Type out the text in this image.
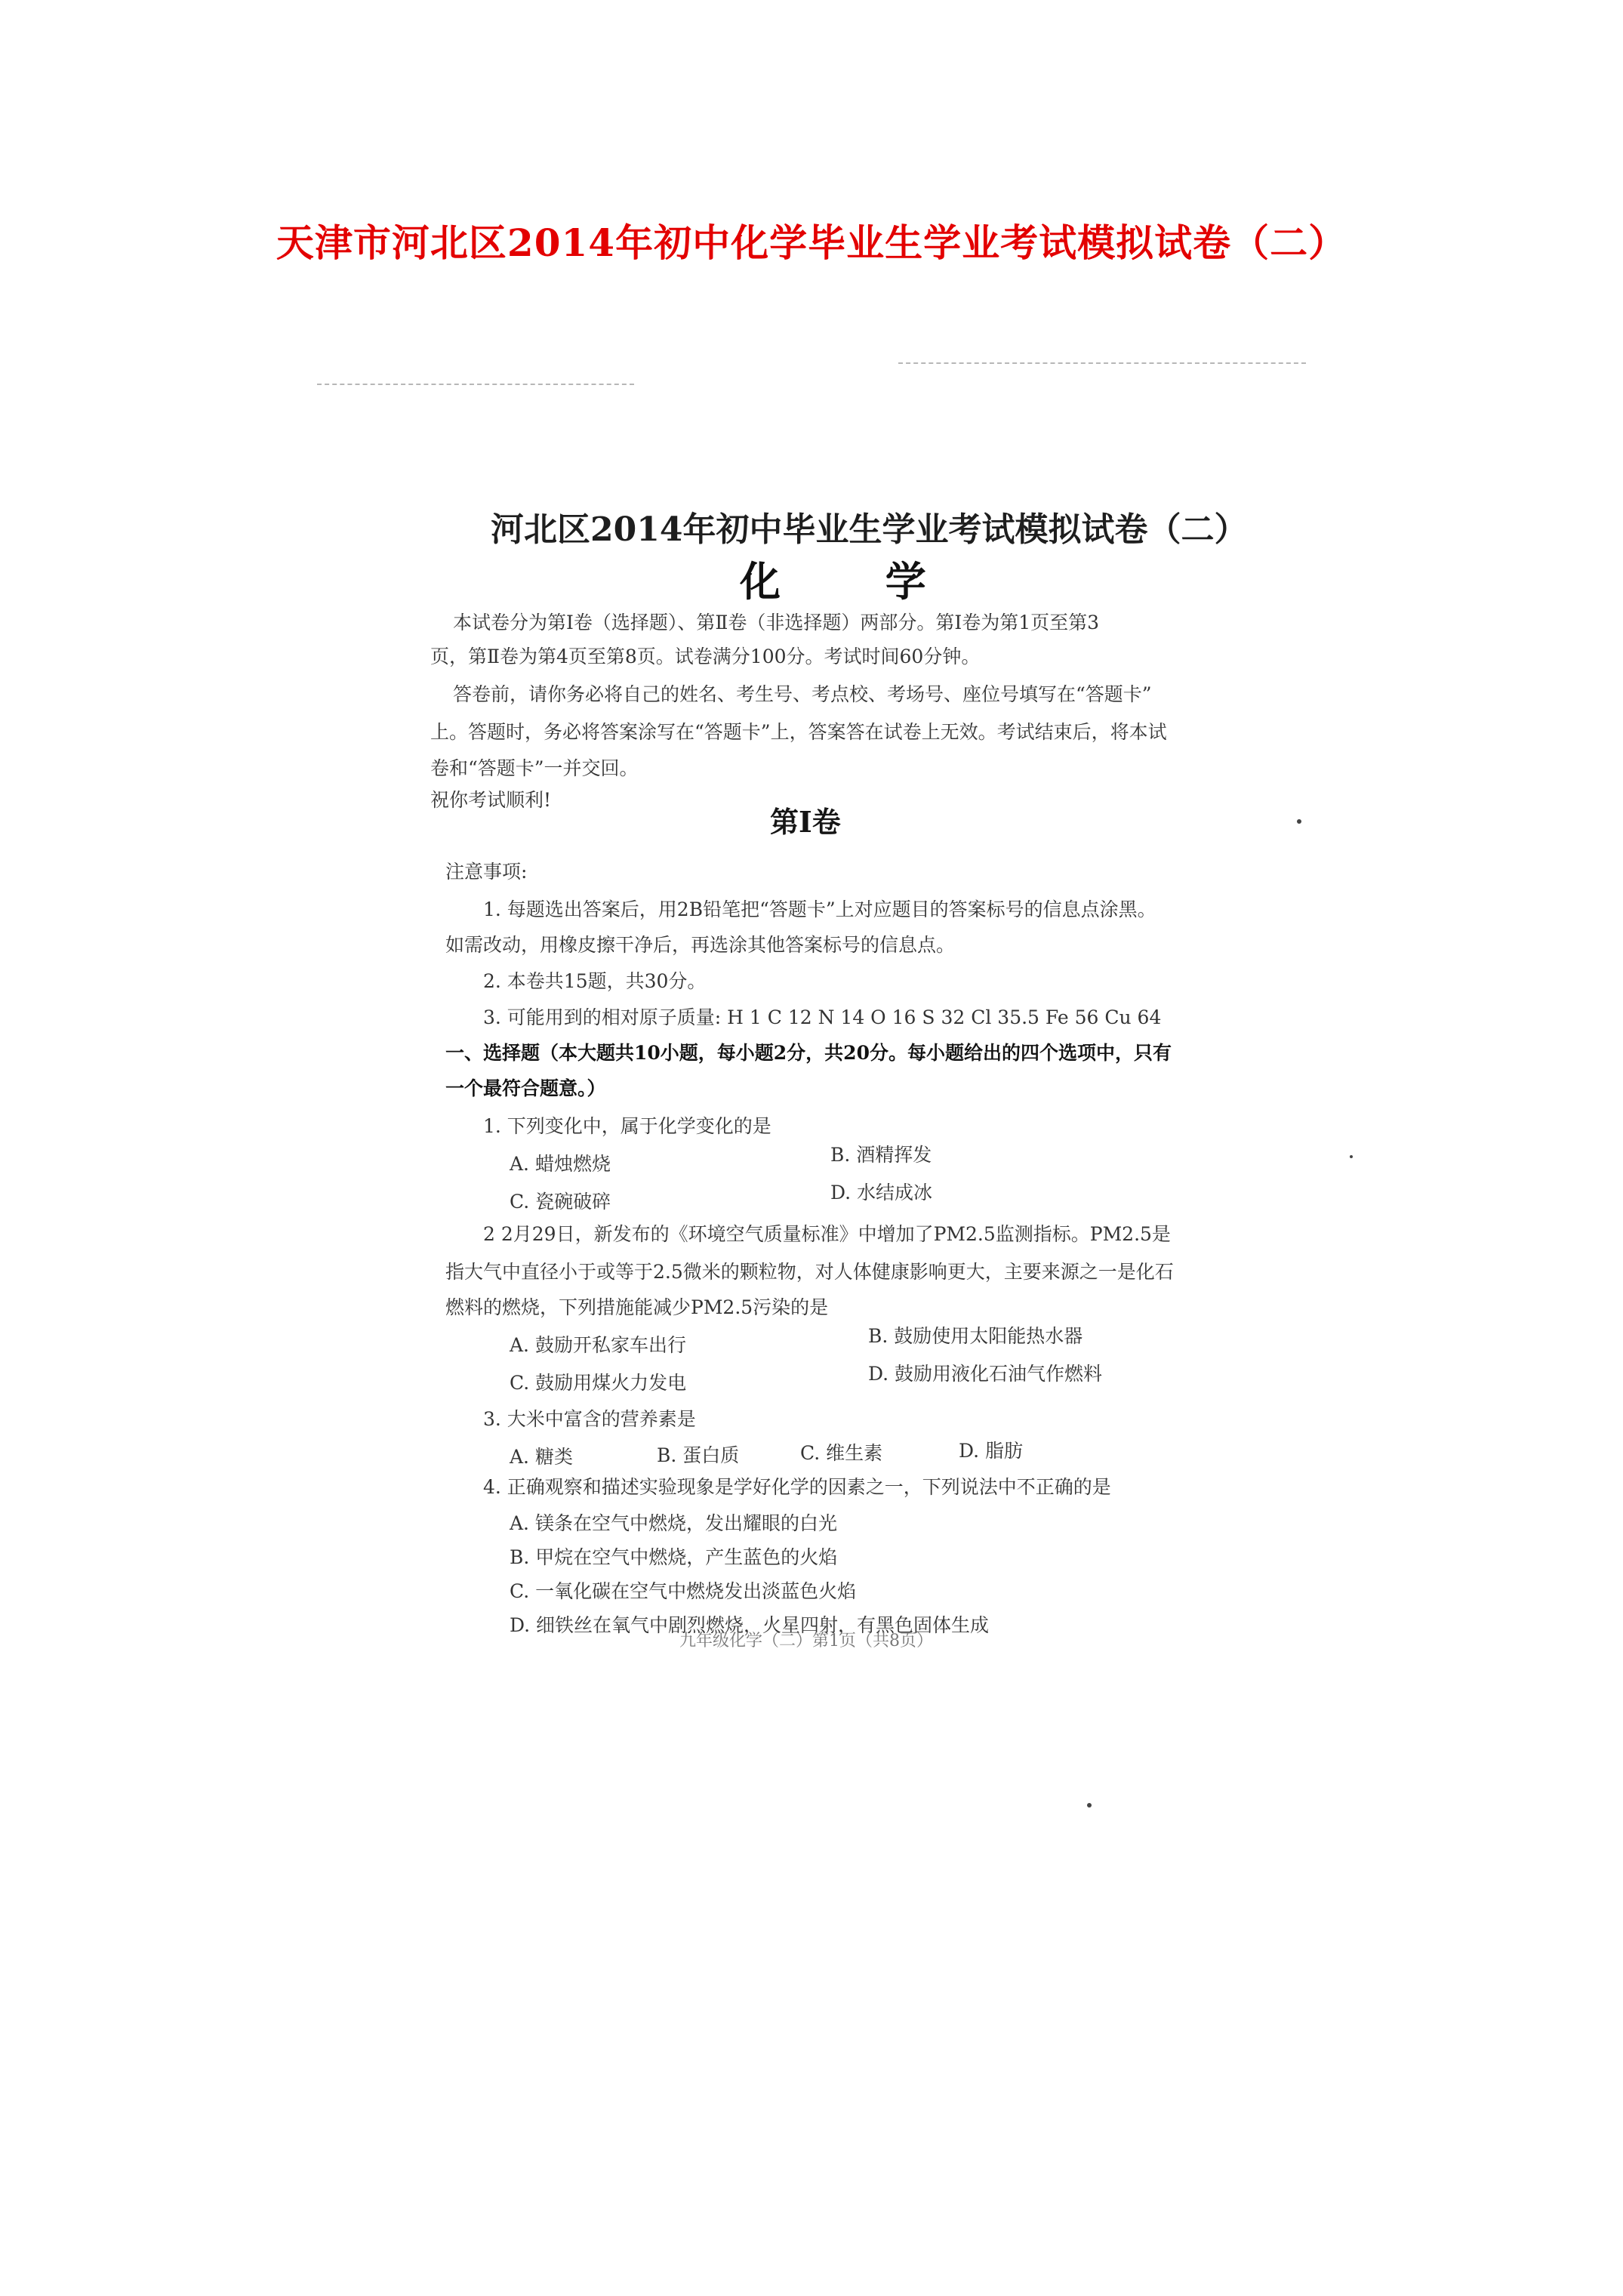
天津市河北区2014年初中化学毕业生学业考试模拟试卷（二）
河北区2014年初中毕业生学业考试模拟试卷（二）
化 学
本试卷分为第Ⅰ卷（选择题）、第Ⅱ卷（非选择题）两部分。第Ⅰ卷为第1页至第3
页，第Ⅱ卷为第4页至第8页。试卷满分100分。考试时间60分钟。
答卷前，请你务必将自己的姓名、考生号、考点校、考场号、座位号填写在“答题卡”
上。答题时，务必将答案涂写在“答题卡”上，答案答在试卷上无效。考试结束后，将本试
卷和“答题卡”一并交回。
祝你考试顺利!
第Ⅰ卷
注意事项:
1. 每题选出答案后，用2B铅笔把“答题卡”上对应题目的答案标号的信息点涂黑。
如需改动，用橡皮擦干净后，再选涂其他答案标号的信息点。
2. 本卷共15题，共30分。
3. 可能用到的相对原子质量: H 1 C 12 N 14 O 16 S 32 Cl 35.5 Fe 56 Cu 64
一、选择题（本大题共10小题，每小题2分，共20分。每小题给出的四个选项中，只有
一个最符合题意。）
1. 下列变化中，属于化学变化的是
A. 蜡烛燃烧	B. 酒精挥发
C. 瓷碗破碎	D. 水结成冰
2 2月29日，新发布的《环境空气质量标准》中增加了PM2.5监测指标。PM2.5是
指大气中直径小于或等于2.5微米的颗粒物，对人体健康影响更大，主要来源之一是化石
燃料的燃烧，下列措施能减少PM2.5污染的是
A. 鼓励开私家车出行	B. 鼓励使用太阳能热水器
C. 鼓励用煤火力发电	D. 鼓励用液化石油气作燃料
3. 大米中富含的营养素是
A. 糖类	B. 蛋白质	C. 维生素	D. 脂肪
4. 正确观察和描述实验现象是学好化学的因素之一，下列说法中不正确的是
A. 镁条在空气中燃烧，发出耀眼的白光
B. 甲烷在空气中燃烧，产生蓝色的火焰
C. 一氧化碳在空气中燃烧发出淡蓝色火焰
D. 细铁丝在氧气中剧烈燃烧，火星四射，有黑色固体生成
九年级化学（二）第1页（共8页）
